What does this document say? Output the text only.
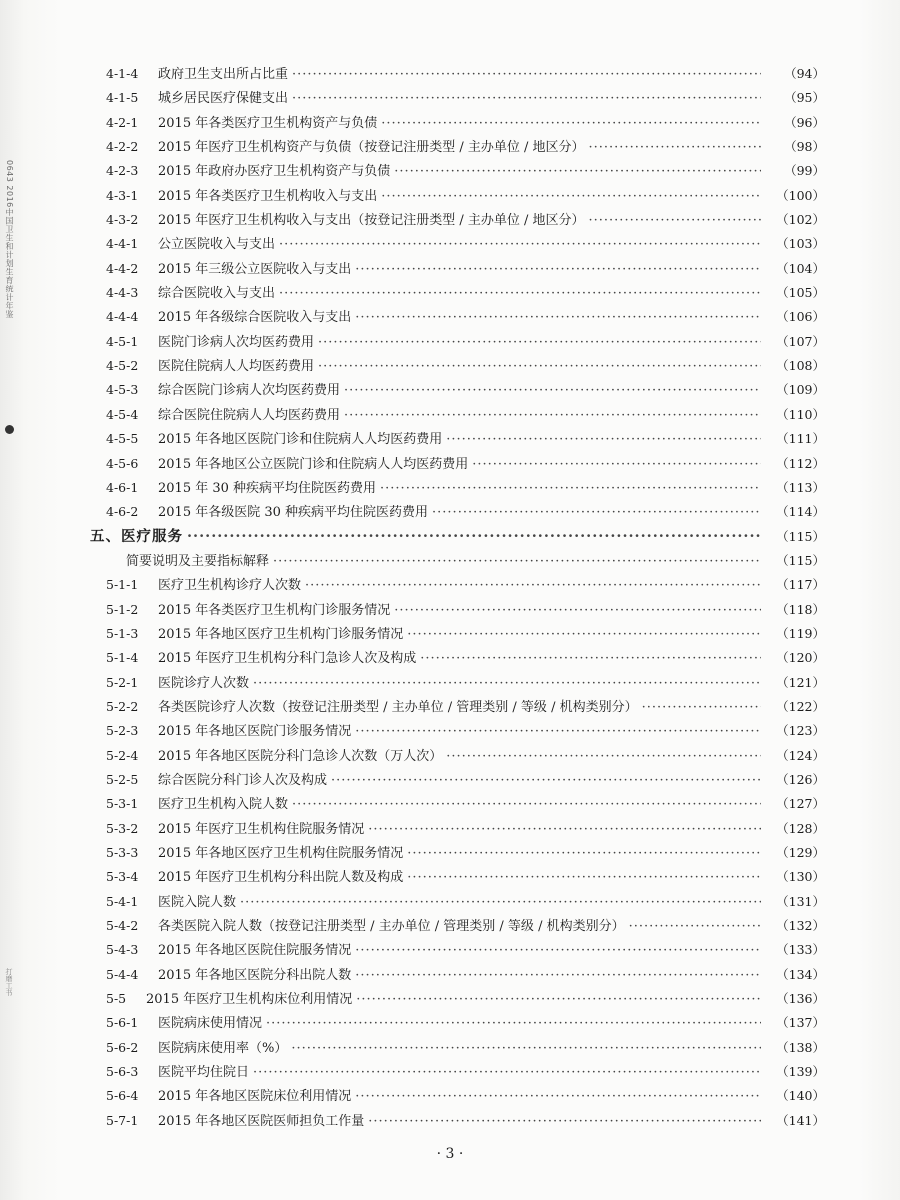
0643 2016中国卫生和计划生育统计年鉴
打磨工书
4-1-4	政府卫生支出所占比重 ·····	（94）
4-1-5	城乡居民医疗保健支出 ·····	（95）
4-2-1	2015 年各类医疗卫生机构资产与负债 ·····	（96）
4-2-2	2015 年医疗卫生机构资产与负债（按登记注册类型 / 主办单位 / 地区分） ·····	（98）
4-2-3	2015 年政府办医疗卫生机构资产与负债 ·····	（99）
4-3-1	2015 年各类医疗卫生机构收入与支出 ·····	（100）
4-3-2	2015 年医疗卫生机构收入与支出（按登记注册类型 / 主办单位 / 地区分） ·····	（102）
4-4-1	公立医院收入与支出 ·····	（103）
4-4-2	2015 年三级公立医院收入与支出 ·····	（104）
4-4-3	综合医院收入与支出 ·····	（105）
4-4-4	2015 年各级综合医院收入与支出 ·····	（106）
4-5-1	医院门诊病人次均医药费用 ·····	（107）
4-5-2	医院住院病人人均医药费用 ·····	（108）
4-5-3	综合医院门诊病人次均医药费用 ·····	（109）
4-5-4	综合医院住院病人人均医药费用 ·····	（110）
4-5-5	2015 年各地区医院门诊和住院病人人均医药费用 ·····	（111）
4-5-6	2015 年各地区公立医院门诊和住院病人人均医药费用 ·····	（112）
4-6-1	2015 年 30 种疾病平均住院医药费用 ·····	（113）
4-6-2	2015 年各级医院 30 种疾病平均住院医药费用 ·····	（114）
五、医疗服务 ·····	（115）
简要说明及主要指标解释 ·····	（115）
5-1-1	医疗卫生机构诊疗人次数 ·····	（117）
5-1-2	2015 年各类医疗卫生机构门诊服务情况 ·····	（118）
5-1-3	2015 年各地区医疗卫生机构门诊服务情况 ·····	（119）
5-1-4	2015 年医疗卫生机构分科门急诊人次及构成 ·····	（120）
5-2-1	医院诊疗人次数 ·····	（121）
5-2-2	各类医院诊疗人次数（按登记注册类型 / 主办单位 / 管理类别 / 等级 / 机构类别分） ·····	（122）
5-2-3	2015 年各地区医院门诊服务情况 ·····	（123）
5-2-4	2015 年各地区医院分科门急诊人次数（万人次） ·····	（124）
5-2-5	综合医院分科门诊人次及构成 ·····	（126）
5-3-1	医疗卫生机构入院人数 ·····	（127）
5-3-2	2015 年医疗卫生机构住院服务情况 ·····	（128）
5-3-3	2015 年各地区医疗卫生机构住院服务情况 ·····	（129）
5-3-4	2015 年医疗卫生机构分科出院人数及构成 ·····	（130）
5-4-1	医院入院人数 ·····	（131）
5-4-2	各类医院入院人数（按登记注册类型 / 主办单位 / 管理类别 / 等级 / 机构类别分） ·····	（132）
5-4-3	2015 年各地区医院住院服务情况 ·····	（133）
5-4-4	2015 年各地区医院分科出院人数 ·····	（134）
5-5	2015 年医疗卫生机构床位利用情况 ·····	（136）
5-6-1	医院病床使用情况 ·····	（137）
5-6-2	医院病床使用率（%） ·····	（138）
5-6-3	医院平均住院日 ·····	（139）
5-6-4	2015 年各地区医院床位利用情况 ·····	（140）
5-7-1	2015 年各地区医院医师担负工作量 ·····	（141）
· 3 ·
